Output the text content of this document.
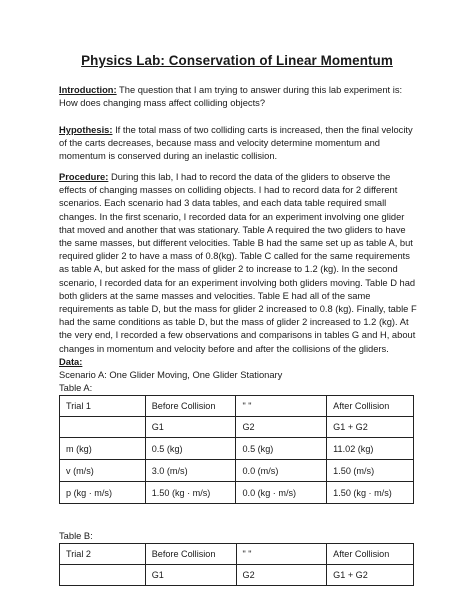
Physics Lab: Conservation of Linear Momentum
Introduction: The question that I am trying to answer during this lab experiment is: How does changing mass affect colliding objects?
Hypothesis: If the total mass of two colliding carts is increased, then the final velocity of the carts decreases, because mass and velocity determine momentum and momentum is conserved during an inelastic collision.
Procedure: During this lab, I had to record the data of the gliders to observe the effects of changing masses on colliding objects. I had to record data for 2 different scenarios. Each scenario had 3 data tables, and each data table required small changes. In the first scenario, I recorded data for an experiment involving one glider that moved and another that was stationary. Table A required the two gliders to have the same masses, but different velocities. Table B had the same set up as table A, but required glider 2 to have a mass of 0.8(kg). Table C called for the same requirements as table A, but asked for the mass of glider 2 to increase to 1.2 (kg). In the second scenario, I recorded data for an experiment involving both gliders moving. Table D had both gliders at the same masses and velocities. Table E had all of the same requirements as table D, but the mass for glider 2 increased to 0.8 (kg). Finally, table F had the same conditions as table D, but the mass of glider 2 increased to 1.2 (kg). At the very end, I recorded a few observations and comparisons in tables G and H, about changes in momentum and velocity before and after the collisions of the gliders.
Data:
Scenario A: One Glider Moving, One Glider Stationary
Table A:
Trial 1	Before Collision	" "	After Collision
	G1	G2	G1 + G2
m (kg)	0.5 (kg)	0.5 (kg)	11.02 (kg)
v (m/s)	3.0 (m/s)	0.0 (m/s)	1.50 (m/s)
p (kg · m/s)	1.50 (kg · m/s)	0.0 (kg · m/s)	1.50 (kg · m/s)
Table B:
Trial 2	Before Collision	" "	After Collision
	G1	G2	G1 + G2
